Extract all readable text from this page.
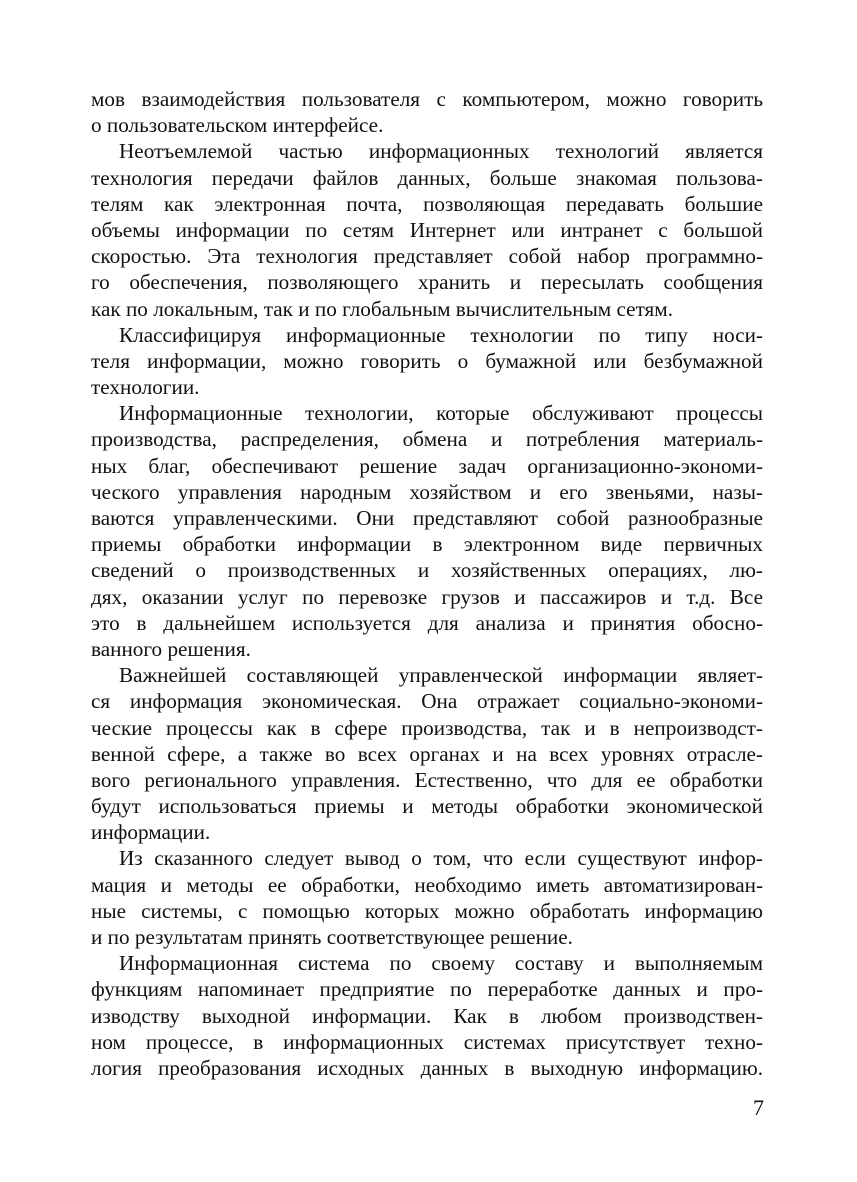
мов взаимодействия пользователя с компьютером, можно говорить
о пользовательском интерфейсе.
Неотъемлемой частью информационных технологий является
технология передачи файлов данных, больше знакомая пользова-
телям как электронная почта, позволяющая передавать большие
объемы информации по сетям Интернет или интранет с большой
скоростью. Эта технология представляет собой набор программно-
го обеспечения, позволяющего хранить и пересылать сообщения
как по локальным, так и по глобальным вычислительным сетям.
Классифицируя информационные технологии по типу носи-
теля информации, можно говорить о бумажной или безбумажной
технологии.
Информационные технологии, которые обслуживают процессы
производства, распределения, обмена и потребления материаль-
ных благ, обеспечивают решение задач организационно-экономи-
ческого управления народным хозяйством и его звеньями, назы-
ваются управленческими. Они представляют собой разнообразные
приемы обработки информации в электронном виде первичных
сведений о производственных и хозяйственных операциях, лю-
дях, оказании услуг по перевозке грузов и пассажиров и т.д. Все
это в дальнейшем используется для анализа и принятия обосно-
ванного решения.
Важнейшей составляющей управленческой информации являет-
ся информация экономическая. Она отражает социально-экономи-
ческие процессы как в сфере производства, так и в непроизводст-
венной сфере, а также во всех органах и на всех уровнях отрасле-
вого регионального управления. Естественно, что для ее обработки
будут использоваться приемы и методы обработки экономической
информации.
Из сказанного следует вывод о том, что если существуют инфор-
мация и методы ее обработки, необходимо иметь автоматизирован-
ные системы, с помощью которых можно обработать информацию
и по результатам принять соответствующее решение.
Информационная система по своему составу и выполняемым
функциям напоминает предприятие по переработке данных и про-
изводству выходной информации. Как в любом производствен-
ном процессе, в информационных системах присутствует техно-
логия преобразования исходных данных в выходную информацию.
7
